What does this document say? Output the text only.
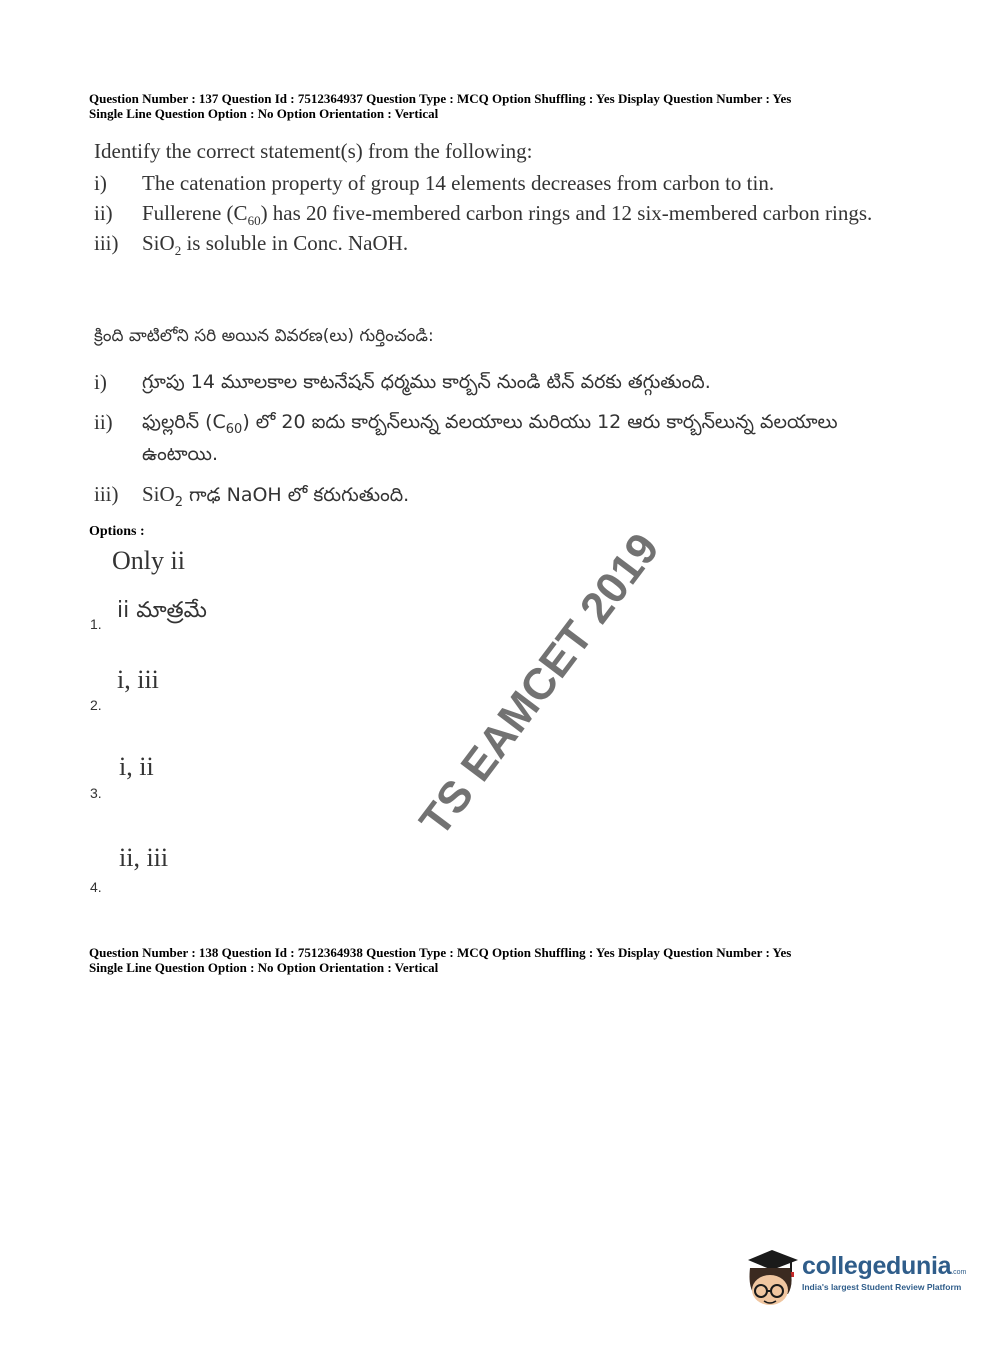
Question Number : 137 Question Id : 7512364937 Question Type : MCQ Option Shuffling : Yes Display Question Number : Yes
Single Line Question Option : No Option Orientation : Vertical
Identify the correct statement(s) from the following:
i) The catenation property of group 14 elements decreases from carbon to tin.
ii) Fullerene $(C_{60})$ has 20 five-membered carbon rings and 12 six-membered carbon rings.
iii) SiO$_2$ is soluble in Conc. NaOH.
క్రింది వాటిలోని సరి అయిన వివరణ(లు) గుర్తించండి:
i) గ్రూపు 14 మూలకాల కాటనేషన్ ధర్మము కార్బన్ నుండి టిన్ వరకు తగ్గుతుంది.
ii) ఫుల్లరిన్ $(C_{60})$ లో 20 ఐదు కార్బన్‌లున్న వలయాలు మరియు 12 ఆరు కార్బన్‌లున్న వలయాలు ఉంటాయి.
iii) SiO$_2$ గాఢ NaOH లో కరుగుతుంది.
Options :
Only ii
ii మాత్రమే
1.
i, iii
2.
i, ii
3.
ii, iii
4.
TS EAMCET 2019
Question Number : 138 Question Id : 7512364938 Question Type : MCQ Option Shuffling : Yes Display Question Number : Yes
Single Line Question Option : No Option Orientation : Vertical
collegedunia.com
India's largest Student Review Platform
